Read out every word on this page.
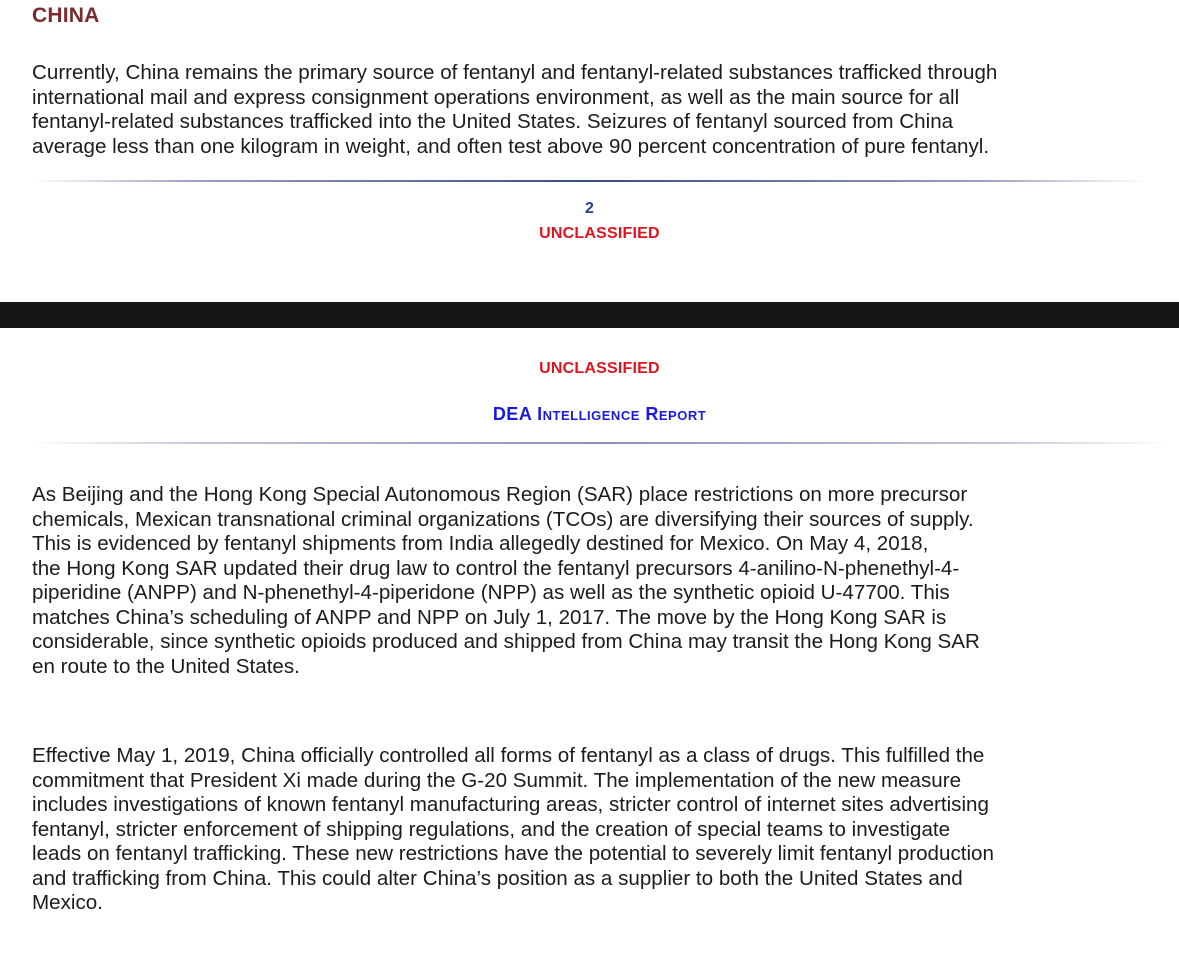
CHINA

Currently, China remains the primary source of fentanyl and fentanyl-related substances trafficked through
international mail and express consignment operations environment, as well as the main source for all
fentanyl-related substances trafficked into the United States. Seizures of fentanyl sourced from China
average less than one kilogram in weight, and often test above 90 percent concentration of pure fentanyl.

2
UNCLASSIFIED
UNCLASSIFIED
DEA Intelligence Report

As Beijing and the Hong Kong Special Autonomous Region (SAR) place restrictions on more precursor
chemicals, Mexican transnational criminal organizations (TCOs) are diversifying their sources of supply.
This is evidenced by fentanyl shipments from India allegedly destined for Mexico. On May 4, 2018,
the Hong Kong SAR updated their drug law to control the fentanyl precursors 4-anilino-N-phenethyl-4-
piperidine (ANPP) and N-phenethyl-4-piperidone (NPP) as well as the synthetic opioid U-47700. This
matches China’s scheduling of ANPP and NPP on July 1, 2017. The move by the Hong Kong SAR is
considerable, since synthetic opioids produced and shipped from China may transit the Hong Kong SAR
en route to the United States.

Effective May 1, 2019, China officially controlled all forms of fentanyl as a class of drugs. This fulfilled the
commitment that President Xi made during the G-20 Summit. The implementation of the new measure
includes investigations of known fentanyl manufacturing areas, stricter control of internet sites advertising
fentanyl, stricter enforcement of shipping regulations, and the creation of special teams to investigate
leads on fentanyl trafficking. These new restrictions have the potential to severely limit fentanyl production
and trafficking from China. This could alter China’s position as a supplier to both the United States and
Mexico.
